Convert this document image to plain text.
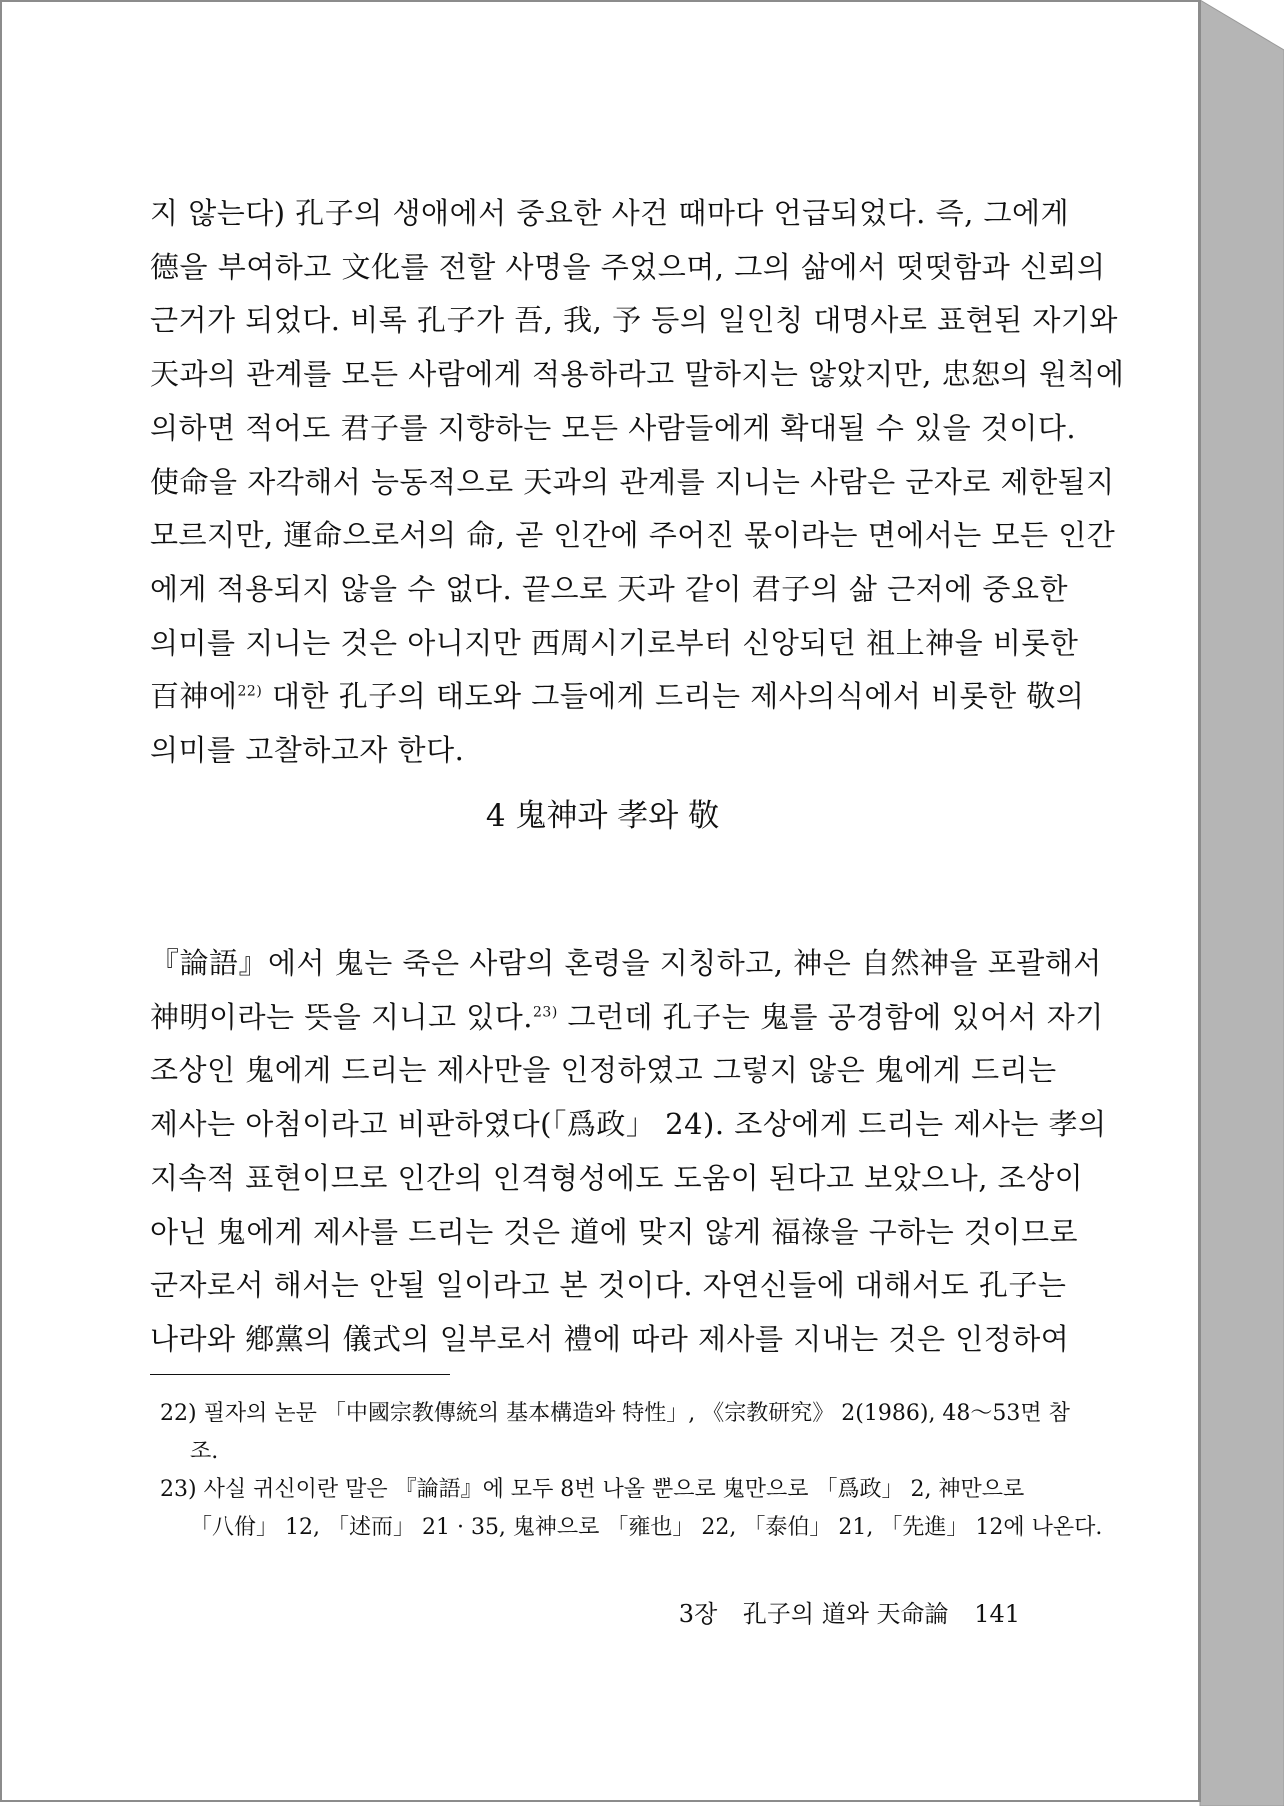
지 않는다) 孔子의 생애에서 중요한 사건 때마다 언급되었다. 즉, 그에게
德을 부여하고 文化를 전할 사명을 주었으며, 그의 삶에서 떳떳함과 신뢰의
근거가 되었다. 비록 孔子가 吾, 我, 予 등의 일인칭 대명사로 표현된 자기와
天과의 관계를 모든 사람에게 적용하라고 말하지는 않았지만, 忠恕의 원칙에
의하면 적어도 君子를 지향하는 모든 사람들에게 확대될 수 있을 것이다.
使命을 자각해서 능동적으로 天과의 관계를 지니는 사람은 군자로 제한될지
모르지만, 運命으로서의 命, 곧 인간에 주어진 몫이라는 면에서는 모든 인간
에게 적용되지 않을 수 없다. 끝으로 天과 같이 君子의 삶 근저에 중요한
의미를 지니는 것은 아니지만 西周시기로부터 신앙되던 祖上神을 비롯한
百神에$^{22)}$ 대한 孔子의 태도와 그들에게 드리는 제사의식에서 비롯한 敬의
의미를 고찰하고자 한다.
4 鬼神과 孝와 敬
『論語』에서 鬼는 죽은 사람의 혼령을 지칭하고, 神은 自然神을 포괄해서
神明이라는 뜻을 지니고 있다.$^{23)}$ 그런데 孔子는 鬼를 공경함에 있어서 자기
조상인 鬼에게 드리는 제사만을 인정하였고 그렇지 않은 鬼에게 드리는
제사는 아첨이라고 비판하였다(「爲政」 24). 조상에게 드리는 제사는 孝의
지속적 표현이므로 인간의 인격형성에도 도움이 된다고 보았으나, 조상이
아닌 鬼에게 제사를 드리는 것은 道에 맞지 않게 福祿을 구하는 것이므로
군자로서 해서는 안될 일이라고 본 것이다. 자연신들에 대해서도 孔子는
나라와 鄕黨의 儀式의 일부로서 禮에 따라 제사를 지내는 것은 인정하여
22) 필자의 논문 「中國宗教傳統의 基本構造와 特性」, 《宗教研究》 2(1986), 48～53면 참
조.
23) 사실 귀신이란 말은 『論語』에 모두 8번 나올 뿐으로 鬼만으로 「爲政」 2, 神만으로
「八佾」 12, 「述而」 21 · 35, 鬼神으로 「雍也」 22, 「泰伯」 21, 「先進」 12에 나온다.
3장 孔子의 道와 天命論 141
